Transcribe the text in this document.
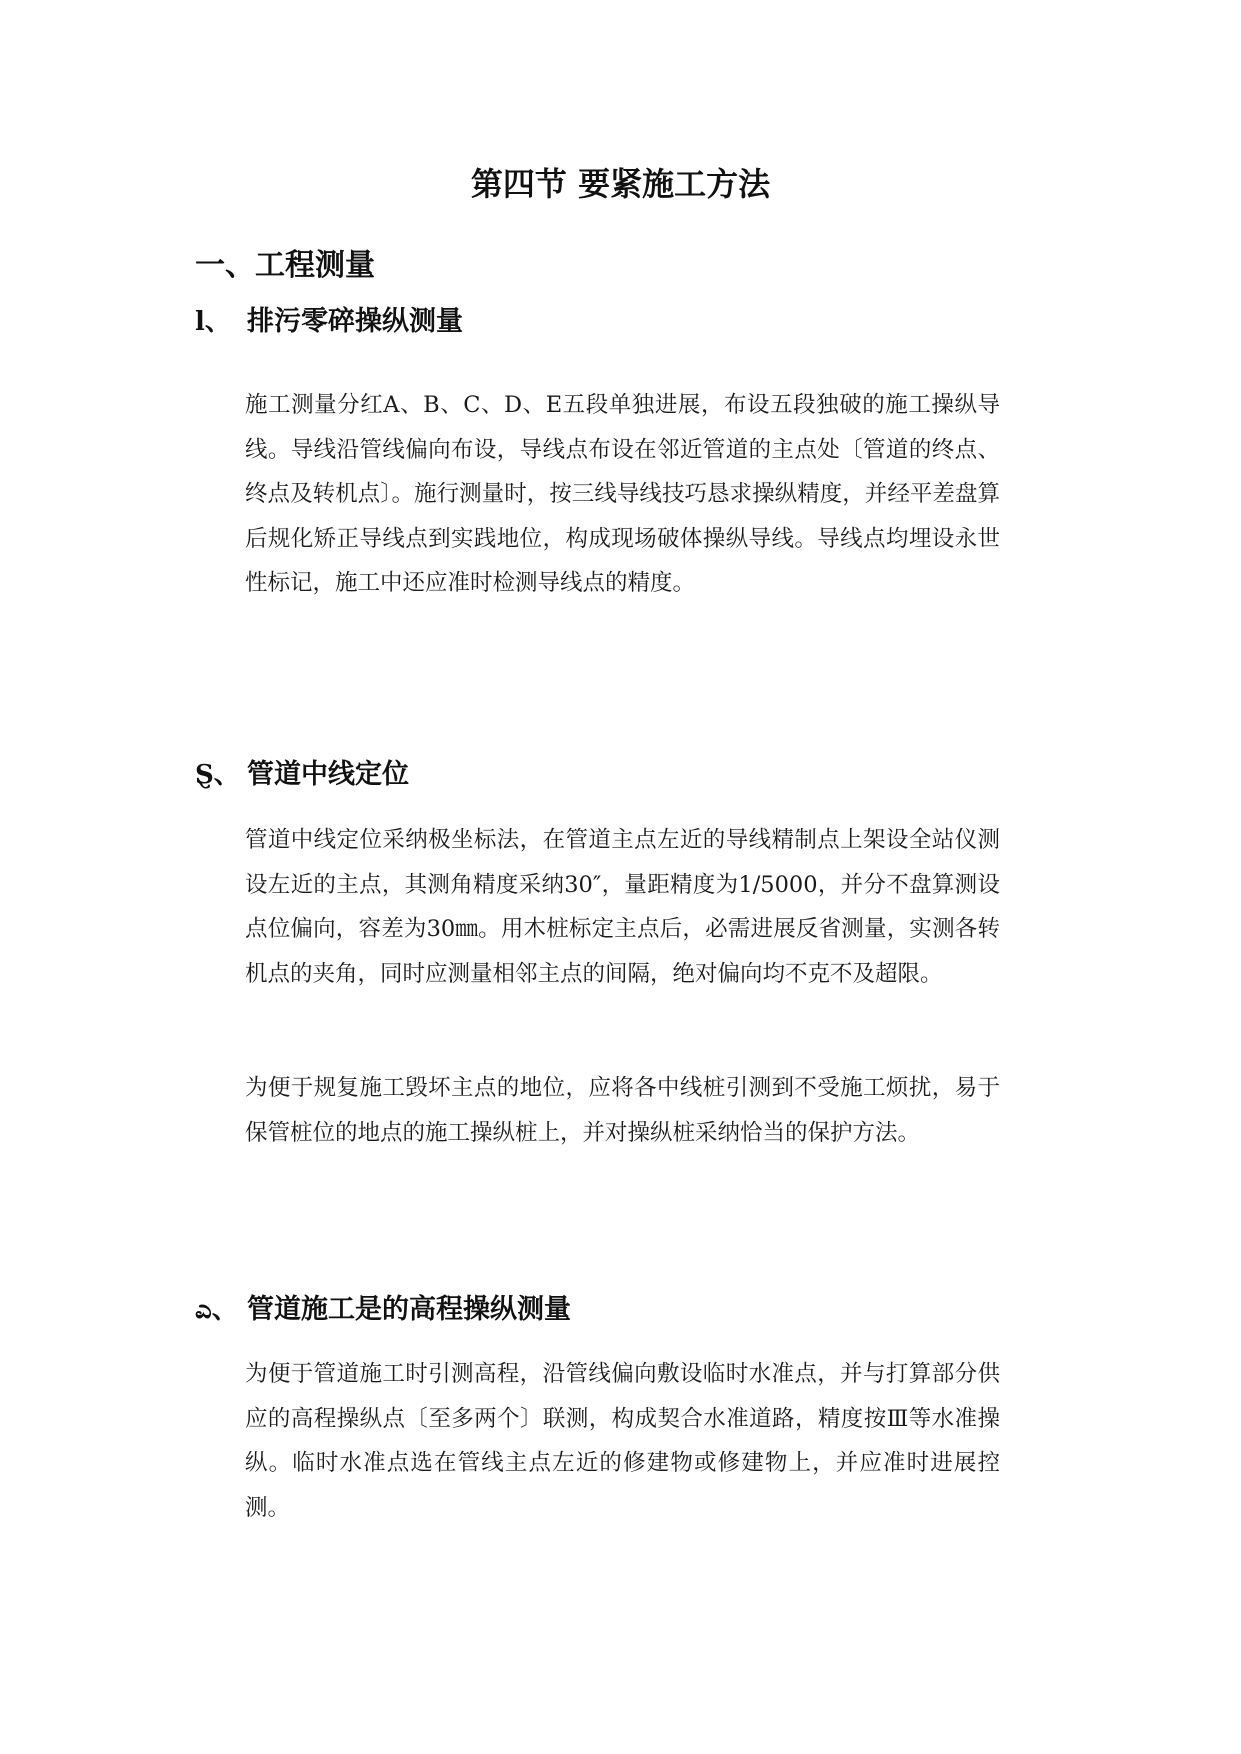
第四节 要紧施工方法
一、工程测量
l、 排污零碎操纵测量

施工测量分红A、B、C、D、E五段单独进展，布设五段独破的施工操纵导线。导线沿管线偏向布设，导线点布设在邻近管道的主点处〔管道的终点、终点及转机点〕。施行测量时，按三线导线技巧恳求操纵精度，并经平差盘算后规化矫正导线点到实践地位，构成现场破体操纵导线。导线点均埋设永世性标记，施工中还应准时检测导线点的精度。

Ȿ、 管道中线定位

管道中线定位采纳极坐标法，在管道主点左近的导线精制点上架设全站仪测设左近的主点，其测角精度采纳30″，量距精度为1/5000，并分不盘算测设点位偏向，容差为30㎜。用木桩标定主点后，必需进展反省测量，实测各转机点的夹角，同时应测量相邻主点的间隔，绝对偏向均不克不及超限。

为便于规复施工毁坏主点的地位，应将各中线桩引测到不受施工烦扰，易于保管桩位的地点的施工操纵桩上，并对操纵桩采纳恰当的保护方法。

ಎ、 管道施工是的高程操纵测量

为便于管道施工时引测高程，沿管线偏向敷设临时水准点，并与打算部分供应的高程操纵点〔至多两个〕联测，构成契合水准道路，精度按Ⅲ等水准操纵。临时水准点选在管线主点左近的修建物或修建物上，并应准时进展控测。
